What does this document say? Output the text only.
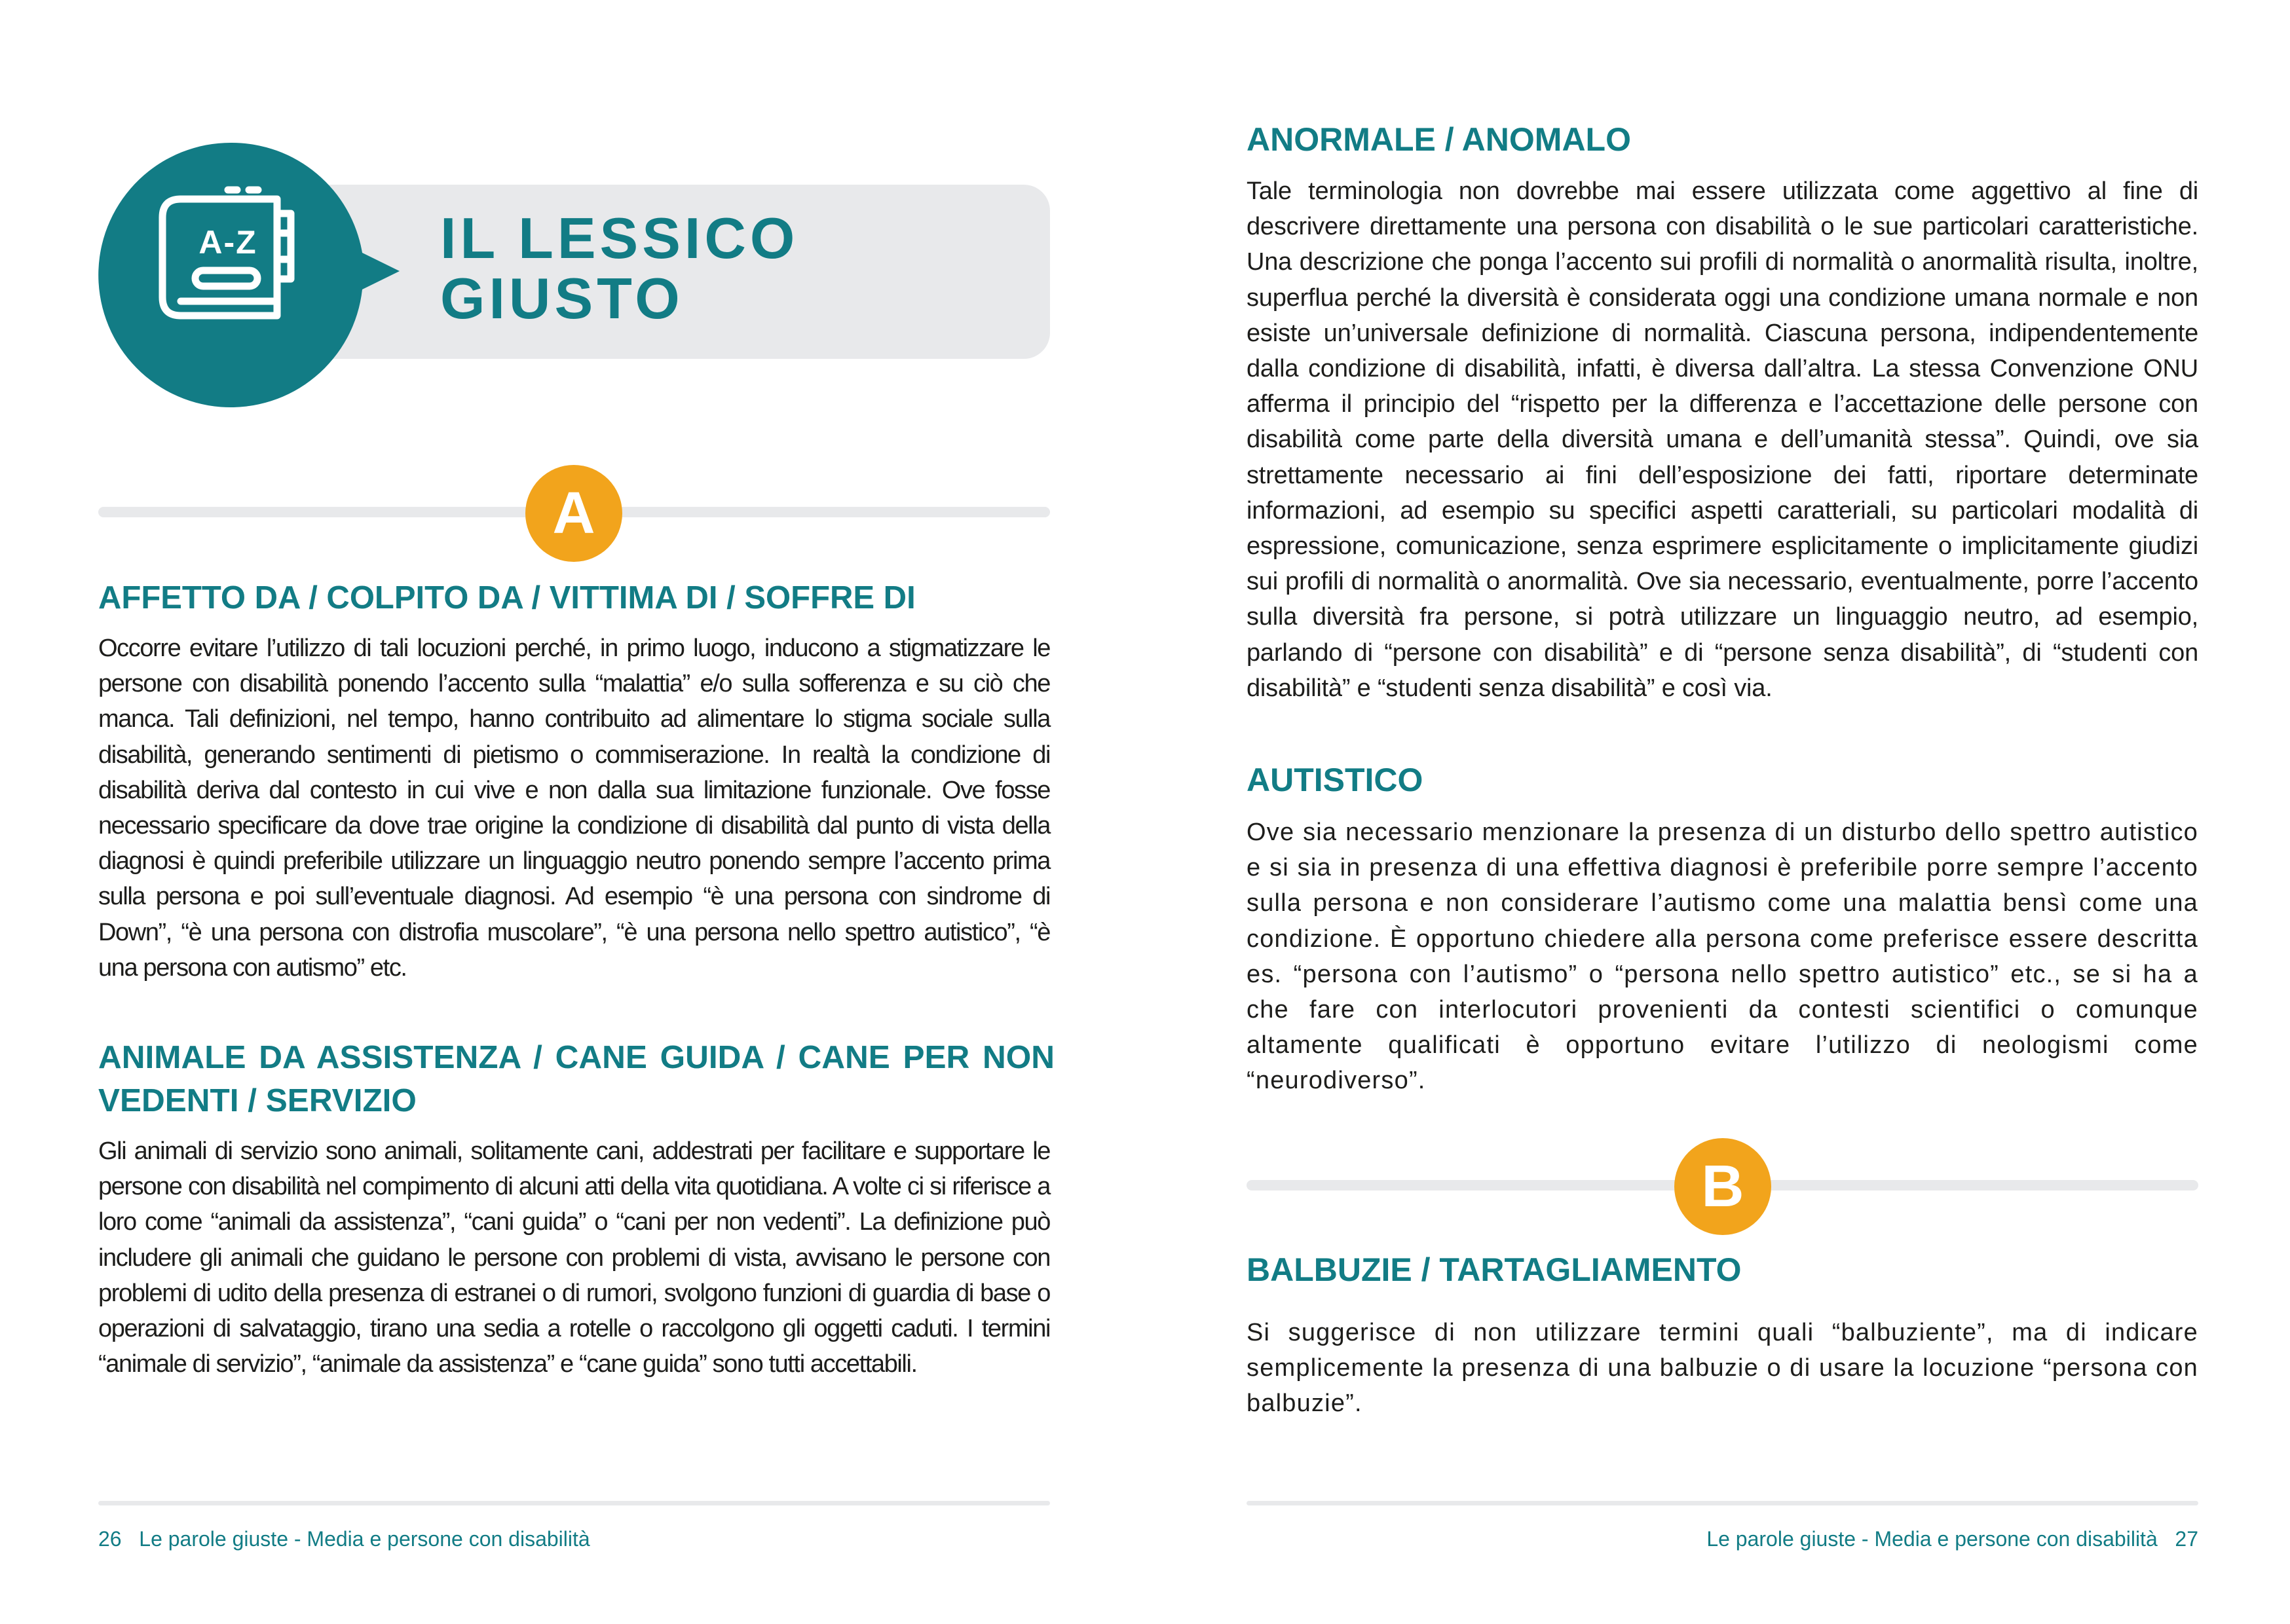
A-Z	IL LESSICO
GIUSTO
A
AFFETTO DA / COLPITO DA / VITTIMA DI / SOFFRE DI

Occorre evitare l’utilizzo di tali locuzioni perché, in primo luogo, inducono a stigmatizzare le persone con disabilità ponendo l’accento sulla “malattia” e/o sulla sofferenza e su ciò che manca. Tali definizioni, nel tempo, hanno contribuito ad alimentare lo stigma sociale sulla disabilità, generando sentimenti di pietismo o commiserazione. In realtà la condizione di disabilità deriva dal contesto in cui vive e non dalla sua limitazione funzionale. Ove fosse necessario specificare da dove trae origine la condizione di disabilità dal punto di vista della diagnosi è quindi preferibile utilizzare un linguaggio neutro ponendo sempre l’accento prima sulla persona e poi sull’eventuale diagnosi. Ad esempio “è una persona con sindrome di Down”, “è una persona con distrofia muscolare”, “è una persona nello spettro autistico”, “è una persona con autismo” etc.

ANIMALE DA ASSISTENZA / CANE GUIDA / CANE PER NON VEDENTI / SERVIZIO

Gli animali di servizio sono animali, solitamente cani, addestrati per facilitare e supportare le persone con disabilità nel compimento di alcuni atti della vita quotidiana. A volte ci si riferisce a loro come “animali da assistenza”, “cani guida” o “cani per non vedenti”. La definizione può includere gli animali che guidano le persone con problemi di vista, avvisano le persone con problemi di udito della presenza di estranei o di rumori, svolgono funzioni di guardia di base o operazioni di salvataggio, tirano una sedia a rotelle o raccolgono gli oggetti caduti. I termini “animale di servizio”, “animale da assistenza” e “cane guida” sono tutti accettabili.

26 Le parole giuste - Media e persone con disabilità
ANORMALE / ANOMALO

Tale terminologia non dovrebbe mai essere utilizzata come aggettivo al fine di descrivere direttamente una persona con disabilità o le sue particolari caratteristiche. Una descrizione che ponga l’accento sui profili di normalità o anormalità risulta, inoltre, superflua perché la diversità è considerata oggi una condizione umana normale e non esiste un’universale definizione di normalità. Ciascuna persona, indipendentemente dalla condizione di disabilità, infatti, è diversa dall’altra. La stessa Convenzione ONU afferma il principio del “rispetto per la differenza e l’accettazione delle persone con disabilità come parte della diversità umana e dell’umanità stessa”. Quindi, ove sia strettamente necessario ai fini dell’esposizione dei fatti, riportare determinate informazioni, ad esempio su specifici aspetti caratteriali, su particolari modalità di espressione, comunicazione, senza esprimere esplicitamente o implicitamente giudizi sui profili di normalità o anormalità. Ove sia necessario, eventualmente, porre l’accento sulla diversità fra persone, si potrà utilizzare un linguaggio neutro, ad esempio, parlando di “persone con disabilità” e di “persone senza disabilità”, di “studenti con disabilità” e “studenti senza disabilità” e così via.

AUTISTICO

Ove sia necessario menzionare la presenza di un disturbo dello spettro autistico e si sia in presenza di una effettiva diagnosi è preferibile porre sempre l’accento sulla persona e non considerare l’autismo come una malattia bensì come una condizione. È opportuno chiedere alla persona come preferisce essere descritta es. “persona con l’autismo” o “persona nello spettro autistico” etc., se si ha a che fare con interlocutori provenienti da contesti scientifici o comunque altamente qualificati è opportuno evitare l’utilizzo di neologismi come “neurodiverso”.

B
BALBUZIE / TARTAGLIAMENTO

Si suggerisce di non utilizzare termini quali “balbuziente”, ma di indicare semplicemente la presenza di una balbuzie o di usare la locuzione “persona con balbuzie”.

Le parole giuste - Media e persone con disabilità 27
